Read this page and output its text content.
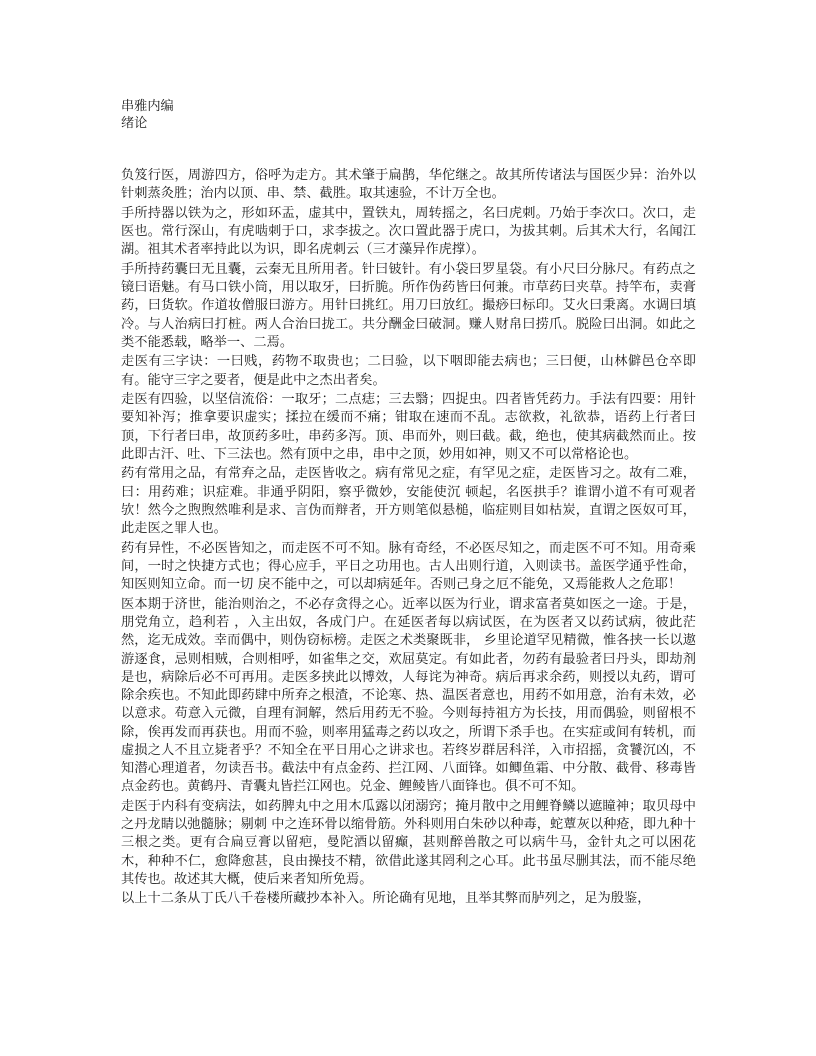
串雅内编

绪论

负笈行医，周游四方，俗呼为走方。其术肇于扁鹊，华佗继之。故其所传诸法与国医少异：治外以针刺蒸灸胜；治内以顶、串、禁、截胜。取其速验，不计万全也。

手所持器以铁为之，形如环盂，虚其中，置铁丸，周转摇之，名曰虎刺。乃始于李次口。次口，走医也。常行深山，有虎啮刺于口，求李拔之。次口置此器于虎口，为拔其刺。后其术大行，名闻江湖。祖其术者率持此以为识，即名虎刺云（三才藻异作虎撑）。

手所持药囊曰无且囊，云秦无且所用者。针曰铍针。有小袋曰罗星袋。有小尺曰分脉尺。有药点之镜曰语魅。有马口铁小筒，用以取牙，曰折脆。所作伪药皆曰何兼。市草药曰夹草。持竿布，卖膏药，曰货软。作道妆僧服曰游方。用针曰挑红。用刀曰放红。撮痧曰标印。艾火曰秉离。水调曰填冷。与人治病曰打桩。两人合治曰拢工。共分酬金曰破洞。赚人财帛曰捞爪。脱险曰出洞。如此之类不能悉载，略举一、二焉。

走医有三字诀：一曰贱，药物不取贵也；二曰验，以下咽即能去病也；三曰便，山林僻邑仓卒即有。能守三字之要者，便是此中之杰出者矣。

走医有四验，以坚信流俗：一取牙；二点痣；三去翳；四捉虫。四者皆凭药力。手法有四要：用针要知补泻；推拿要识虚实；揉拉在缓而不痛；钳取在速而不乱。志欲救，礼欲恭，语药上行者曰顶，下行者曰串，故顶药多吐，串药多泻。顶、串而外，则曰截。截，绝也，使其病截然而止。按此即古汗、吐、下三法也。然有顶中之串，串中之顶，妙用如神，则又不可以常格论也。

药有常用之品，有常弃之品，走医皆收之。病有常见之症，有罕见之症，走医皆习之。故有二难，曰：用药难；识症难。非通乎阴阳，察乎微妙，安能使沉 顿起，名医拱手？谁谓小道不有可观者欤！然今之煦煦然唯利是求、言伪而辩者，开方则笔似悬槌，临症则目如枯炭，直谓之医奴可耳，此走医之罪人也。

药有异性，不必医皆知之，而走医不可不知。脉有奇经，不必医尽知之，而走医不可不知。用奇乘间，一时之快捷方式也；得心应手，平日之功用也。古人出则行道，入则读书。盖医学通乎性命，知医则知立命。而一切 戾不能中之，可以却病延年。否则己身之厄不能免，又焉能救人之危耶！

医本期于济世，能治则治之，不必存贪得之心。近率以医为行业，谓求富者莫如医之一途。于是，朋党角立，趋利若 ，入主出奴，各成门户。在延医者每以病试医，在为医者又以药试病，彼此茫然，迄无成效。幸而偶中，则伪窃标榜。走医之术类聚既非， 乡里论道罕见精微，惟各挟一长以遨游逐食，忌则相贼，合则相呼，如雀隼之交，欢屈莫定。有如此者，勿药有最验者曰丹头，即劫剂是也，病除后必不可再用。走医多挟此以博效，人每诧为神奇。病后再求余药，则授以丸药，谓可除余疾也。不知此即药肆中所弃之根渣，不论寒、热、温医者意也，用药不如用意，治有未效，必以意求。苟意入元微，自理有洞解，然后用药无不验。今则每持祖方为长技，用而偶验，则留根不除，俟再发而再获也。用而不验，则率用猛毒之药以攻之，所谓下杀手也。在实症或间有转机，而虚损之人不且立毙者乎？不知全在平日用心之讲求也。若终岁群居科洋，入市招摇，贪饕沉凶，不知潜心理道者，勿读吾书。截法中有点金药、拦江网、八面锋。如鲫鱼霜、中分散、截骨、移毒皆点金药也。黄鹤丹、青囊丸皆拦江网也。兑金、鲤鲮皆八面锋也。俱不可不知。

走医于内科有变病法，如药脾丸中之用木瓜露以闭溺窍；掩月散中之用鲤脊鳞以遮瞳神；取贝母中之丹龙睛以弛髓脉；剔刺 中之连环骨以缩骨筋。外科则用白朱砂以种毒，蛇蕈灰以种疮，即九种十三根之类。更有合扁豆膏以留疤，曼陀酒以留癫，甚则醉兽散之可以病牛马，金针丸之可以困花木，种种不仁，愈降愈甚，良由操技不精，欲借此遂其罔利之心耳。此书虽尽删其法，而不能尽绝其传也。故述其大概，使后来者知所免焉。

以上十二条从丁氏八千卷楼所藏抄本补入。所论确有见地，且举其弊而胪列之，足为殷鉴，
